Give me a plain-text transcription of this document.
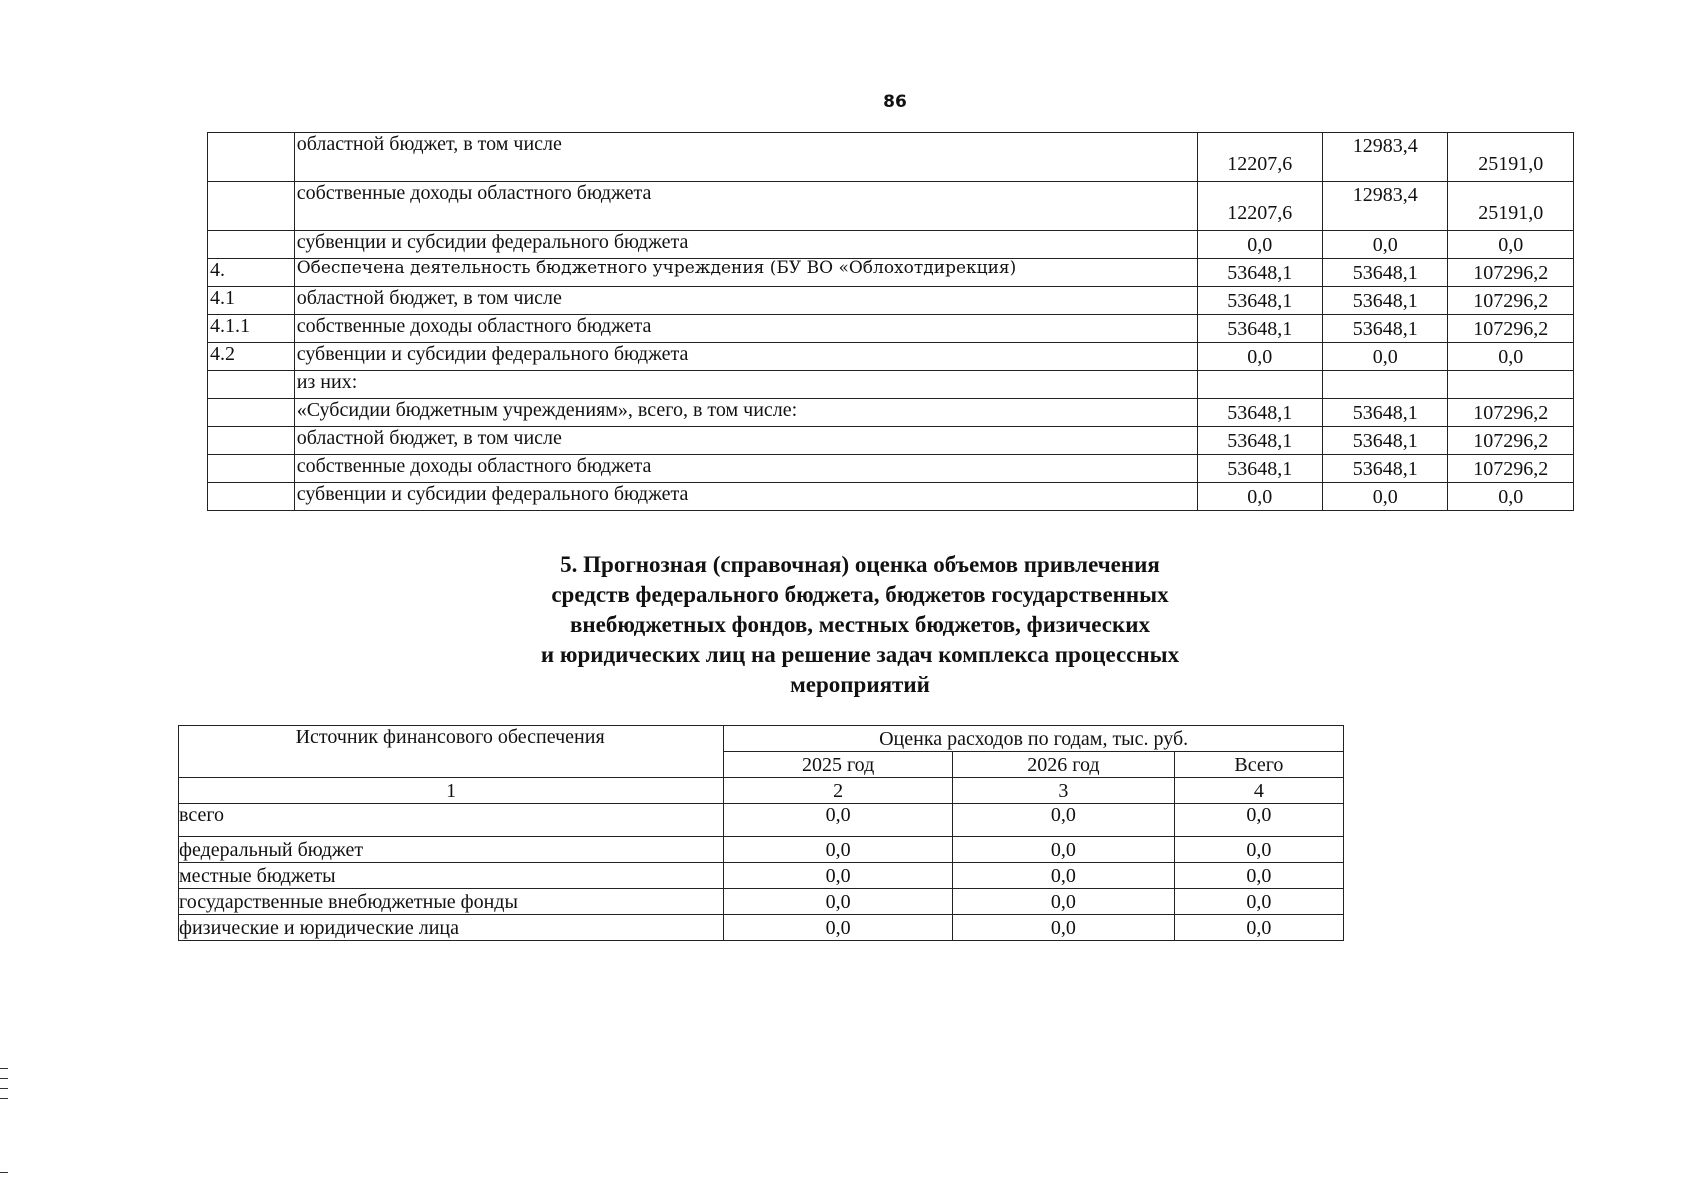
86
	областной бюджет, в том числе	12207,6	12983,4	25191,0
	собственные доходы областного бюджета	12207,6	12983,4	25191,0
	субвенции и субсидии федерального бюджета	0,0	0,0	0,0
4.	Обеспечена деятельность бюджетного учреждения (БУ ВО «Облохотдирекция)	53648,1	53648,1	107296,2
4.1	областной бюджет, в том числе	53648,1	53648,1	107296,2
4.1.1	собственные доходы областного бюджета	53648,1	53648,1	107296,2
4.2	субвенции и субсидии федерального бюджета	0,0	0,0	0,0
	из них:			
	«Субсидии бюджетным учреждениям», всего, в том числе:	53648,1	53648,1	107296,2
	областной бюджет, в том числе	53648,1	53648,1	107296,2
	собственные доходы областного бюджета	53648,1	53648,1	107296,2
	субвенции и субсидии федерального бюджета	0,0	0,0	0,0
5. Прогнозная (справочная) оценка объемов привлечения
средств федерального бюджета, бюджетов государственных
внебюджетных фондов, местных бюджетов, физических
и юридических лиц на решение задач комплекса процессных
мероприятий
Источник финансового обеспечения	Оценка расходов по годам, тыс. руб.		
	2025 год	2026 год	Всего
1	2	3	4
всего	0,0	0,0	0,0
федеральный бюджет	0,0	0,0	0,0
местные бюджеты	0,0	0,0	0,0
государственные внебюджетные фонды	0,0	0,0	0,0
физические и юридические лица	0,0	0,0	0,0
